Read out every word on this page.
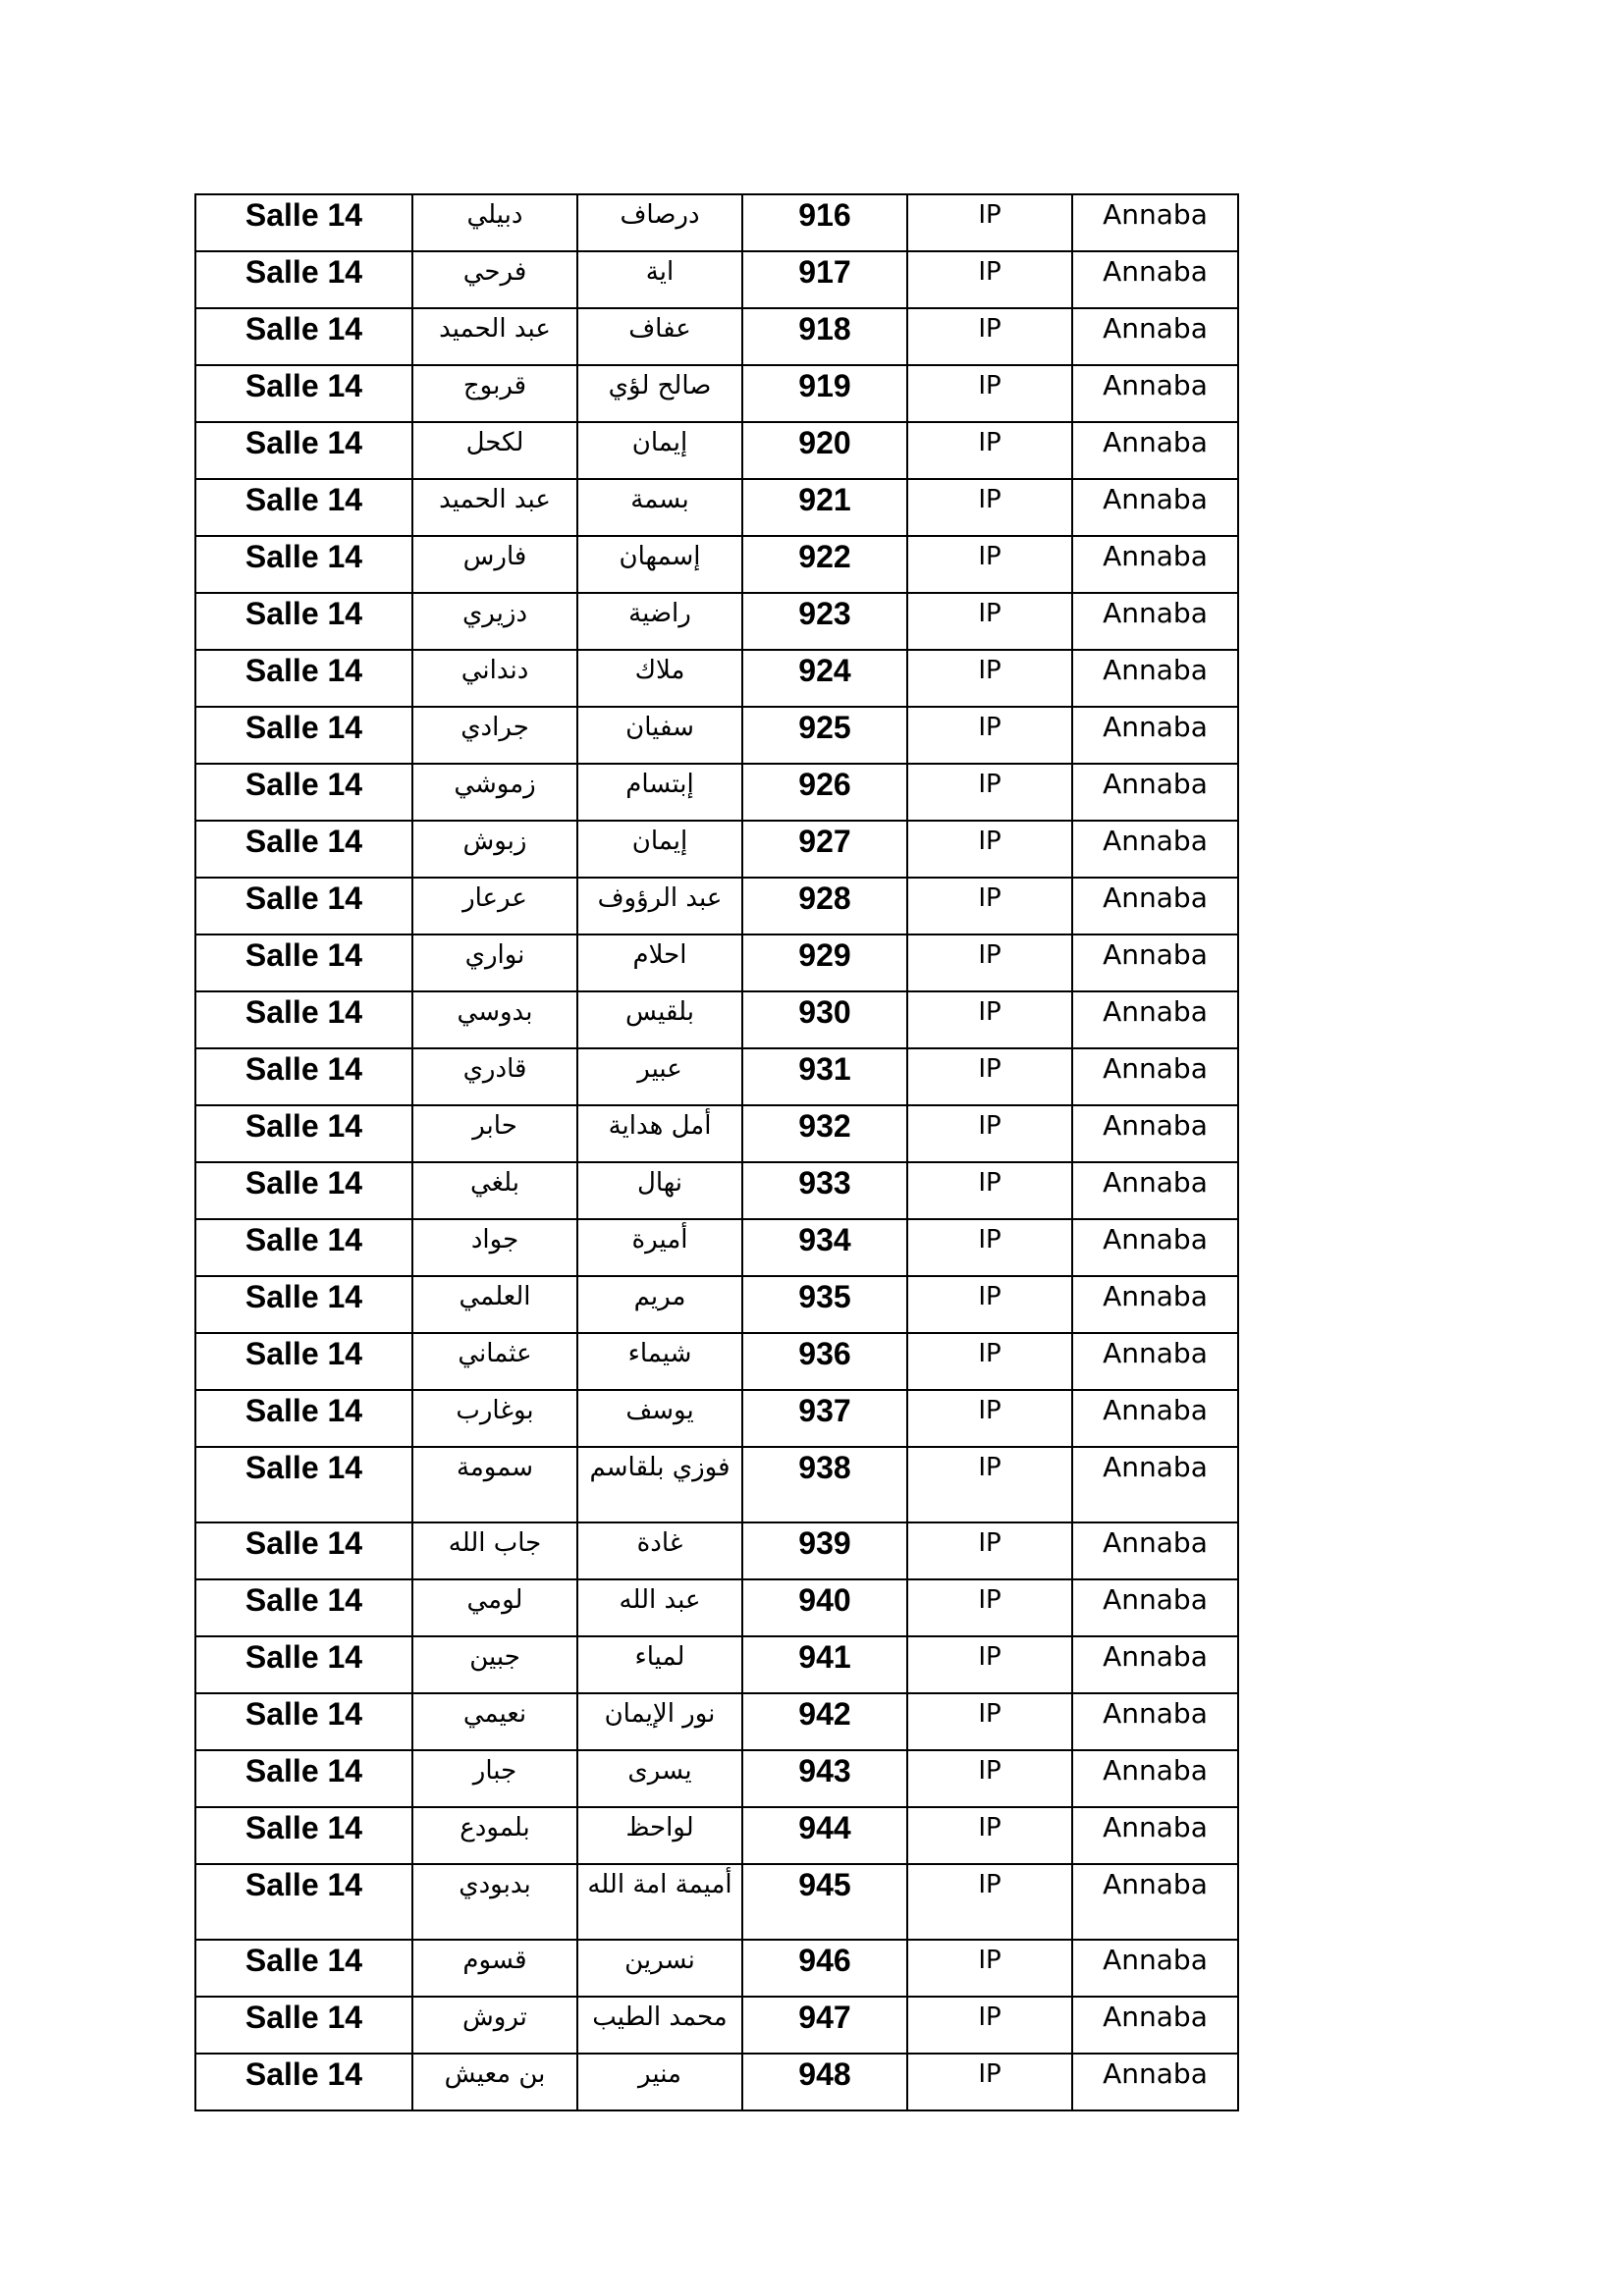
Salle 14	دبيلي	درصاف	916	IP	Annaba
Salle 14	فرحي	اية	917	IP	Annaba
Salle 14	عبد الحميد	عفاف	918	IP	Annaba
Salle 14	قربوج	صالح لؤي	919	IP	Annaba
Salle 14	لكحل	إيمان	920	IP	Annaba
Salle 14	عبد الحميد	بسمة	921	IP	Annaba
Salle 14	فارس	إسمهان	922	IP	Annaba
Salle 14	دزيري	راضية	923	IP	Annaba
Salle 14	دنداني	ملاك	924	IP	Annaba
Salle 14	جرادي	سفيان	925	IP	Annaba
Salle 14	زموشي	إبتسام	926	IP	Annaba
Salle 14	زبوش	إيمان	927	IP	Annaba
Salle 14	عرعار	عبد الرؤوف	928	IP	Annaba
Salle 14	نواري	احلام	929	IP	Annaba
Salle 14	بدوسي	بلقيس	930	IP	Annaba
Salle 14	قادري	عبير	931	IP	Annaba
Salle 14	حابر	أمل هداية	932	IP	Annaba
Salle 14	بلغي	نهال	933	IP	Annaba
Salle 14	جواد	أميرة	934	IP	Annaba
Salle 14	العلمي	مريم	935	IP	Annaba
Salle 14	عثماني	شيماء	936	IP	Annaba
Salle 14	بوغارب	يوسف	937	IP	Annaba
Salle 14	سمومة	فوزي بلقاسم	938	IP	Annaba
Salle 14	جاب الله	غادة	939	IP	Annaba
Salle 14	لومي	عبد الله	940	IP	Annaba
Salle 14	جبين	لمياء	941	IP	Annaba
Salle 14	نعيمي	نور الإيمان	942	IP	Annaba
Salle 14	جبار	يسرى	943	IP	Annaba
Salle 14	بلمودع	لواحظ	944	IP	Annaba
Salle 14	بدبودي	أميمة امة الله	945	IP	Annaba
Salle 14	قسوم	نسرين	946	IP	Annaba
Salle 14	تروش	محمد الطيب	947	IP	Annaba
Salle 14	بن معيش	منير	948	IP	Annaba
